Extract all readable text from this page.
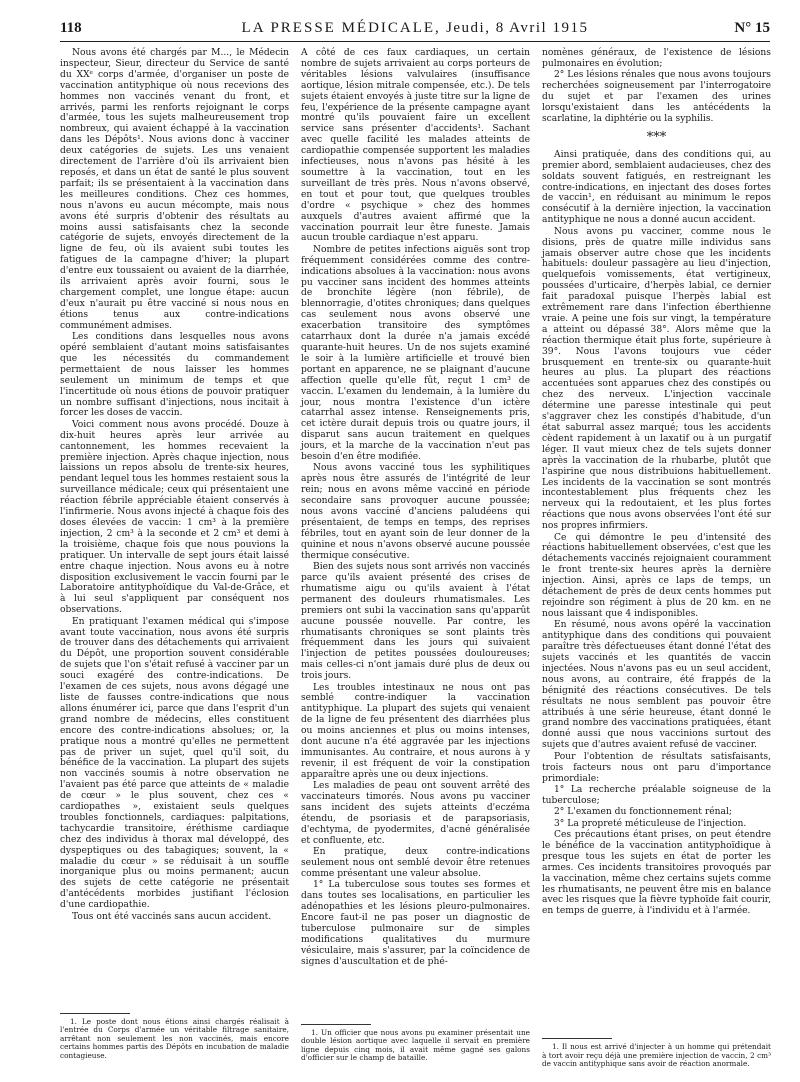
118	LA PRESSE MÉDICALE, Jeudi, 8 Avril 1915	N° 15

Nous avons été chargés par M..., le Médecin inspecteur, Sieur, directeur du Service de santé du XXᵉ corps d'armée, d'organiser un poste de vaccination antityphique où nous recevions des hommes non vaccinés venant du front, et arrivés, parmi les renforts rejoignant le corps d'armée, tous les sujets malheureusement trop nombreux, qui avaient échappé à la vaccination dans les Dépôts¹. Nous avions donc à vacciner deux catégories de sujets. Les uns venaient directement de l'arrière d'où ils arrivaient bien reposés, et dans un état de santé le plus souvent parfait; ils se présentaient à la vaccination dans les meilleures conditions. Chez ces hommes, nous n'avons eu aucun mécompte, mais nous avons été surpris d'obtenir des résultats au moins aussi satisfaisants chez la seconde catégorie de sujets, envoyés directement de la ligne de feu, où ils avaient subi toutes les fatigues de la campagne d'hiver; la plupart d'entre eux toussaient ou avaient de la diarrhée, ils arrivaient après avoir fourni, sous le chargement complet, une longue étape: aucun d'eux n'aurait pu être vacciné si nous nous en étions tenus aux contre-indications communément admises.

Les conditions dans lesquelles nous avons opéré semblaient d'autant moins satisfaisantes que les nécessités du commandement permettaient de nous laisser les hommes seulement un minimum de temps et que l'incertitude où nous étions de pouvoir pratiquer un nombre suffisant d'injections, nous incitait à forcer les doses de vaccin.

Voici comment nous avons procédé. Douze à dix-huit heures après leur arrivée au cantonnement, les hommes recevaient la première injection. Après chaque injection, nous laissions un repos absolu de trente-six heures, pendant lequel tous les hommes restaient sous la surveillance médicale; ceux qui présentaient une réaction fébrile appréciable étaient conservés à l'infirmerie. Nous avons injecté à chaque fois des doses élevées de vaccin: 1 cm³ à la première injection, 2 cm³ à la seconde et 2 cm³ et demi à la troisième, chaque fois que nous pouvions la pratiquer. Un intervalle de sept jours était laissé entre chaque injection. Nous avons eu à notre disposition exclusivement le vaccin fourni par le Laboratoire antityphoïdique du Val-de-Grâce, et à lui seul s'appliquent par conséquent nos observations.

En pratiquant l'examen médical qui s'impose avant toute vaccination, nous avons été surpris de trouver dans des détachements qui arrivaient du Dépôt, une proportion souvent considérable de sujets que l'on s'était refusé à vacciner par un souci exagéré des contre-indications. De l'examen de ces sujets, nous avons dégagé une liste de fausses contre-indications que nous allons énumérer ici, parce que dans l'esprit d'un grand nombre de médecins, elles constituent encore des contre-indications absolues; or, la pratique nous a montré qu'elles ne permettent pas de priver un sujet, quel qu'il soit, du bénéfice de la vaccination. La plupart des sujets non vaccinés soumis à notre observation ne l'avaient pas été parce que atteints de « maladie de cœur » le plus souvent, chez ces « cardiopathes », existaient seuls quelques troubles fonctionnels, cardiaques: palpitations, tachycardie transitoire, éréthisme cardiaque chez des individus à thorax mal développé, des dyspeptiques ou des tabagiques; souvent, la « maladie du cœur » se réduisait à un souffle inorganique plus ou moins permanent; aucun des sujets de cette catégorie ne présentait d'antécédents morbides justifiant l'éclosion d'une cardiopathie.

Tous ont été vaccinés sans aucun accident.

1. Le poste dont nous étions ainsi chargés réalisait à l'entrée du Corps d'armée un véritable filtrage sanitaire, arrêtant non seulement les non vaccinés, mais encore certains hommes partis des Dépôts en incubation de maladie contagieuse.

A côté de ces faux cardiaques, un certain nombre de sujets arrivaient au corps porteurs de véritables lésions valvulaires (insuffisance aortique, lésion mitrale compensée, etc.). De tels sujets étaient envoyés à juste titre sur la ligne de feu, l'expérience de la présente campagne ayant montré qu'ils pouvaient faire un excellent service sans présenter d'accidents¹. Sachant avec quelle facilité les malades atteints de cardiopathie compensée supportent les maladies infectieuses, nous n'avons pas hésité à les soumettre à la vaccination, tout en les surveillant de très près. Nous n'avons observé, en tout et pour tout, que quelques troubles d'ordre « psychique » chez des hommes auxquels d'autres avaient affirmé que la vaccination pourrait leur être funeste. Jamais aucun trouble cardiaque n'est apparu.

Nombre de petites infections aiguës sont trop fréquemment considérées comme des contre-indications absolues à la vaccination: nous avons pu vacciner sans incident des hommes atteints de bronchite légère (non fébrile), de blennorragie, d'otites chroniques; dans quelques cas seulement nous avons observé une exacerbation transitoire des symptômes catarrhaux dont la durée n'a jamais excédé quarante-huit heures. Un de nos sujets examiné le soir à la lumière artificielle et trouvé bien portant en apparence, ne se plaignant d'aucune affection quelle qu'elle fût, reçut 1 cm³ de vaccin. L'examen du lendemain, à la lumière du jour, nous montra l'existence d'un ictère catarrhal assez intense. Renseignements pris, cet ictère durait depuis trois ou quatre jours, il disparut sans aucun traitement en quelques jours, et la marche de la vaccination n'eut pas besoin d'en être modifiée.

Nous avons vacciné tous les syphilitiques après nous être assurés de l'intégrité de leur rein; nous en avons même vacciné en période secondaire sans provoquer aucune poussée; nous avons vacciné d'anciens paludéens qui présentaient, de temps en temps, des reprises fébriles, tout en ayant soin de leur donner de la quinine et nous n'avons observé aucune poussée thermique consécutive.

Bien des sujets nous sont arrivés non vaccinés parce qu'ils avaient présenté des crises de rhumatisme aigu ou qu'ils avaient à l'état permanent des douleurs rhumatismales. Les premiers ont subi la vaccination sans qu'apparût aucune poussée nouvelle. Par contre, les rhumatisants chroniques se sont plaints très fréquemment dans les jours qui suivaient l'injection de petites poussées douloureuses; mais celles-ci n'ont jamais duré plus de deux ou trois jours.

Les troubles intestinaux ne nous ont pas semblé contre-indiquer la vaccination antityphique. La plupart des sujets qui venaient de la ligne de feu présentent des diarrhées plus ou moins anciennes et plus ou moins intenses, dont aucune n'a été aggravée par les injections immunisantes. Au contraire, et nous aurons à y revenir, il est fréquent de voir la constipation apparaître après une ou deux injections.

Les maladies de peau ont souvent arrêté des vaccinateurs timorés. Nous avons pu vacciner sans incident des sujets atteints d'eczéma étendu, de psoriasis et de parapsoriasis, d'echtyma, de pyodermites, d'acné généralisée et confluente, etc.

En pratique, deux contre-indications seulement nous ont semblé devoir être retenues comme présentant une valeur absolue.

1° La tuberculose sous toutes ses formes et dans toutes ses localisations, en particulier les adénopathies et les lésions pleuro-pulmonaires. Encore faut-il ne pas poser un diagnostic de tuberculose pulmonaire sur de simples modifications qualitatives du murmure vésiculaire, mais s'assurer, par la coïncidence de signes d'auscultation et de phé-

1. Un officier que nous avons pu examiner présentait une double lésion aortique avec laquelle il servait en première ligne depuis cinq mois, il avait même gagné ses galons d'officier sur le champ de bataille.

nomènes généraux, de l'existence de lésions pulmonaires en évolution;

2° Les lésions rénales que nous avons toujours recherchées soigneusement par l'interrogatoire du sujet et par l'examen des urines lorsqu'existaient dans les antécédents la scarlatine, la diphtérie ou la syphilis.

***

Ainsi pratiquée, dans des conditions qui, au premier abord, semblaient audacieuses, chez des soldats souvent fatigués, en restreignant les contre-indications, en injectant des doses fortes de vaccin¹, en réduisant au minimum le repos consécutif à la dernière injection, la vaccination antityphique ne nous a donné aucun accident.

Nous avons pu vacciner, comme nous le disions, près de quatre mille individus sans jamais observer autre chose que les incidents habituels: douleur passagère au lieu d'injection, quelquefois vomissements, état vertigineux, poussées d'urticaire, d'herpès labial, ce dernier fait paradoxal puisque l'herpès labial est extrêmement rare dans l'infection éberthienne vraie. A peine une fois sur vingt, la température a atteint ou dépassé 38°. Alors même que la réaction thermique était plus forte, supérieure à 39°. Nous l'avons toujours vue céder brusquement en trente-six ou quarante-huit heures au plus. La plupart des réactions accentuées sont apparues chez des constipés ou chez des nerveux. L'injection vaccinale détermine une paresse intestinale qui peut s'aggraver chez les constipés d'habitude, d'un état saburral assez marqué; tous les accidents cèdent rapidement à un laxatif ou à un purgatif léger. Il vaut mieux chez de tels sujets donner après la vaccination de la rhubarbe, plutôt que l'aspirine que nous distribuions habituellement. Les incidents de la vaccination se sont montrés incontestablement plus fréquents chez les nerveux qui la redoutaient, et les plus fortes réactions que nous avons observées l'ont été sur nos propres infirmiers.

Ce qui démontre le peu d'intensité des réactions habituellement observées, c'est que les détachements vaccinés rejoignaient couramment le front trente-six heures après la dernière injection. Ainsi, après ce laps de temps, un détachement de près de deux cents hommes put rejoindre son régiment à plus de 20 km. en ne nous laissant que 4 indisponibles.

En résumé, nous avons opéré la vaccination antityphique dans des conditions qui pouvaient paraître très défectueuses étant donné l'état des sujets vaccinés et les quantités de vaccin injectées. Nous n'avons pas eu un seul accident, nous avons, au contraire, été frappés de la bénignité des réactions consécutives. De tels résultats ne nous semblent pas pouvoir être attribués à une série heureuse, étant donné le grand nombre des vaccinations pratiquées, étant donné aussi que nous vaccinions surtout des sujets que d'autres avaient refusé de vacciner.

Pour l'obtention de résultats satisfaisants, trois facteurs nous ont paru d'importance primordiale:

1° La recherche préalable soigneuse de la tuberculose;

2° L'examen du fonctionnement rénal;

3° La propreté méticuleuse de l'injection.

Ces précautions étant prises, on peut étendre le bénéfice de la vaccination antityphoïdique à presque tous les sujets en état de porter les armes. Ces incidents transitoires provoqués par la vaccination, même chez certains sujets comme les rhumatisants, ne peuvent être mis en balance avec les risques que la fièvre typhoïde fait courir, en temps de guerre, à l'individu et à l'armée.

1. Il nous est arrivé d'injecter à un homme qui prétendait à tort avoir reçu déjà une première injection de vaccin, 2 cm³ de vaccin antityphique sans avoir de réaction anormale.
